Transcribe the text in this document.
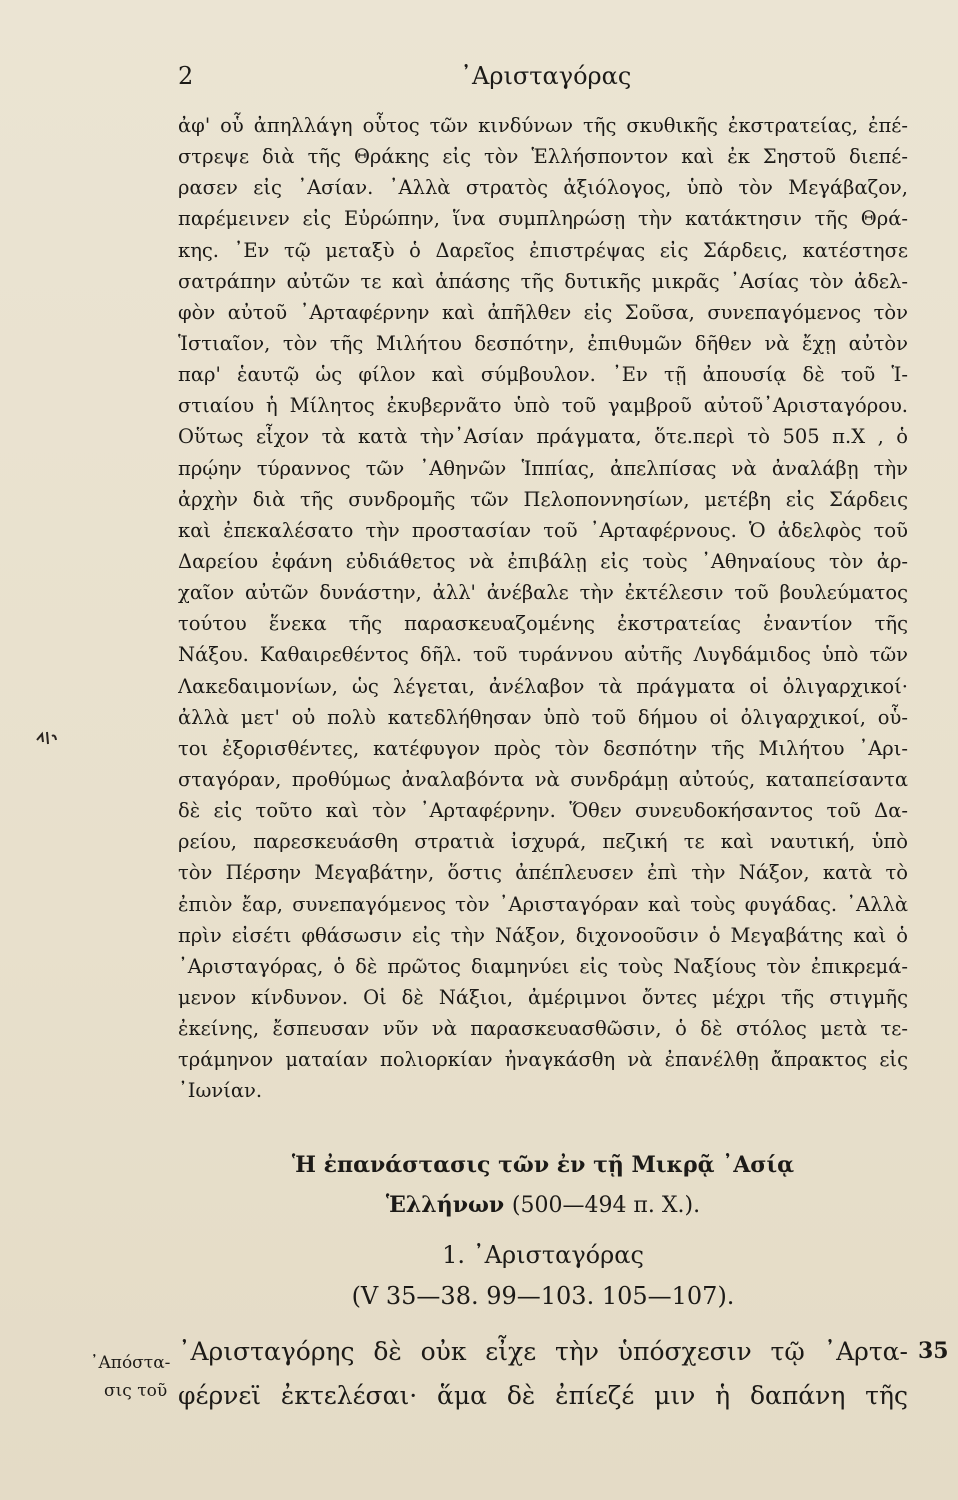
2	᾿Αρισταγόρας
ἀφ' οὗ ἀπηλλάγη οὗτος τῶν κινδύνων τῆς σκυθικῆς ἐκστρατείας, ἐπέ-
στρεψε διὰ τῆς Θράκης εἰς τὸν Ἑλλήσποντον καὶ ἐκ Σηστοῦ διεπέ-
ρασεν εἰς ᾿Ασίαν. ᾿Αλλὰ στρατὸς ἀξιόλογος, ὑπὸ τὸν Μεγάβαζον,
παρέμεινεν εἰς Εὐρώπην, ἵνα συμπληρώσῃ τὴν κατάκτησιν τῆς Θρά-
κης. ᾿Εν τῷ μεταξὺ ὁ Δαρεῖος ἐπιστρέψας εἰς Σάρδεις, κατέστησε
σατράπην αὐτῶν τε καὶ ἁπάσης τῆς δυτικῆς μικρᾶς ᾿Ασίας τὸν ἀδελ-
φὸν αὐτοῦ ᾿Αρταφέρνην καὶ ἀπῆλθεν εἰς Σοῦσα, συνεπαγόμενος τὸν
Ἱστιαῖον, τὸν τῆς Μιλήτου δεσπότην, ἐπιθυμῶν δῆθεν νὰ ἔχῃ αὐτὸν
παρ' ἑαυτῷ ὡς φίλον καὶ σύμβουλον. ᾿Εν τῇ ἀπουσίᾳ δὲ τοῦ Ἱ-
στιαίου ἡ Μίλητος ἐκυβερνᾶτο ὑπὸ τοῦ γαμβροῦ αὐτοῦ᾿Αρισταγόρου.
Οὕτως εἶχον τὰ κατὰ τὴν᾿Ασίαν πράγματα, ὅτε.περὶ τὸ 505 π.Χ , ὁ
πρῴην τύραννος τῶν ᾿Αθηνῶν Ἱππίας, ἀπελπίσας νὰ ἀναλάβῃ τὴν
ἀρχὴν διὰ τῆς συνδρομῆς τῶν Πελοποννησίων, μετέβη εἰς Σάρδεις
καὶ ἐπεκαλέσατο τὴν προστασίαν τοῦ ᾿Αρταφέρνους. Ὁ ἀδελφὸς τοῦ
Δαρείου ἐφάνη εὐδιάθετος νὰ ἐπιβάλῃ εἰς τοὺς ᾿Αθηναίους τὸν ἀρ-
χαῖον αὐτῶν δυνάστην, ἀλλ' ἀνέβαλε τὴν ἐκτέλεσιν τοῦ βουλεύματος
τούτου ἕνεκα τῆς παρασκευαζομένης ἐκστρατείας ἐναντίον τῆς
Νάξου. Καθαιρεθέντος δῆλ. τοῦ τυράννου αὐτῆς Λυγδάμιδος ὑπὸ τῶν
Λακεδαιμονίων, ὡς λέγεται, ἀνέλαβον τὰ πράγματα οἱ ὀλιγαρχικοί·
ἀλλὰ μετ' οὐ πολὺ κατεδλήθησαν ὑπὸ τοῦ δήμου οἱ ὀλιγαρχικοί, οὗ-
τοι ἐξορισθέντες, κατέφυγον πρὸς τὸν δεσπότην τῆς Μιλήτου ᾿Αρι-
σταγόραν, προθύμως ἀναλαβόντα νὰ συνδράμῃ αὐτούς, καταπείσαντα
δὲ εἰς τοῦτο καὶ τὸν ᾿Αρταφέρνην. Ὅθεν συνευδοκήσαντος τοῦ Δα-
ρείου, παρεσκευάσθη στρατιὰ ἰσχυρά, πεζική τε καὶ ναυτική, ὑπὸ
τὸν Πέρσην Μεγαβάτην, ὅστις ἀπέπλευσεν ἐπὶ τὴν Νάξον, κατὰ τὸ
ἐπιὸν ἔαρ, συνεπαγόμενος τὸν ᾿Αρισταγόραν καὶ τοὺς φυγάδας. ᾿Αλλὰ
πρὶν εἰσέτι φθάσωσιν εἰς τὴν Νάξον, διχονοοῦσιν ὁ Μεγαβάτης καὶ ὁ
᾿Αρισταγόρας, ὁ δὲ πρῶτος διαμηνύει εἰς τοὺς Ναξίους τὸν ἐπικρεμά-
μενον κίνδυνον. Οἱ δὲ Νάξιοι, ἀμέριμνοι ὄντες μέχρι τῆς στιγμῆς
ἐκείνης, ἔσπευσαν νῦν νὰ παρασκευασθῶσιν, ὁ δὲ στόλος μετὰ τε-
τράμηνον ματαίαν πολιορκίαν ἠναγκάσθη νὰ ἐπανέλθῃ ἄπρακτος εἰς
᾿Ιωνίαν.
Ἡ ἐπανάστασις τῶν ἐν τῇ Μικρᾷ ᾿Ασίᾳ
Ἑλλήνων (500—494 π. Χ.).
1. ᾿Αρισταγόρας
(V 35—38. 99—103. 105—107).
᾿Αρισταγόρης δὲ οὐκ εἶχε τὴν ὑπόσχεσιν τῷ ᾿Αρτα-
φέρνεϊ ἐκτελέσαι· ἅμα δὲ ἐπίεζέ μιν ἡ δαπάνη τῆς
᾿Απόστα-
σις τοῦ
35
